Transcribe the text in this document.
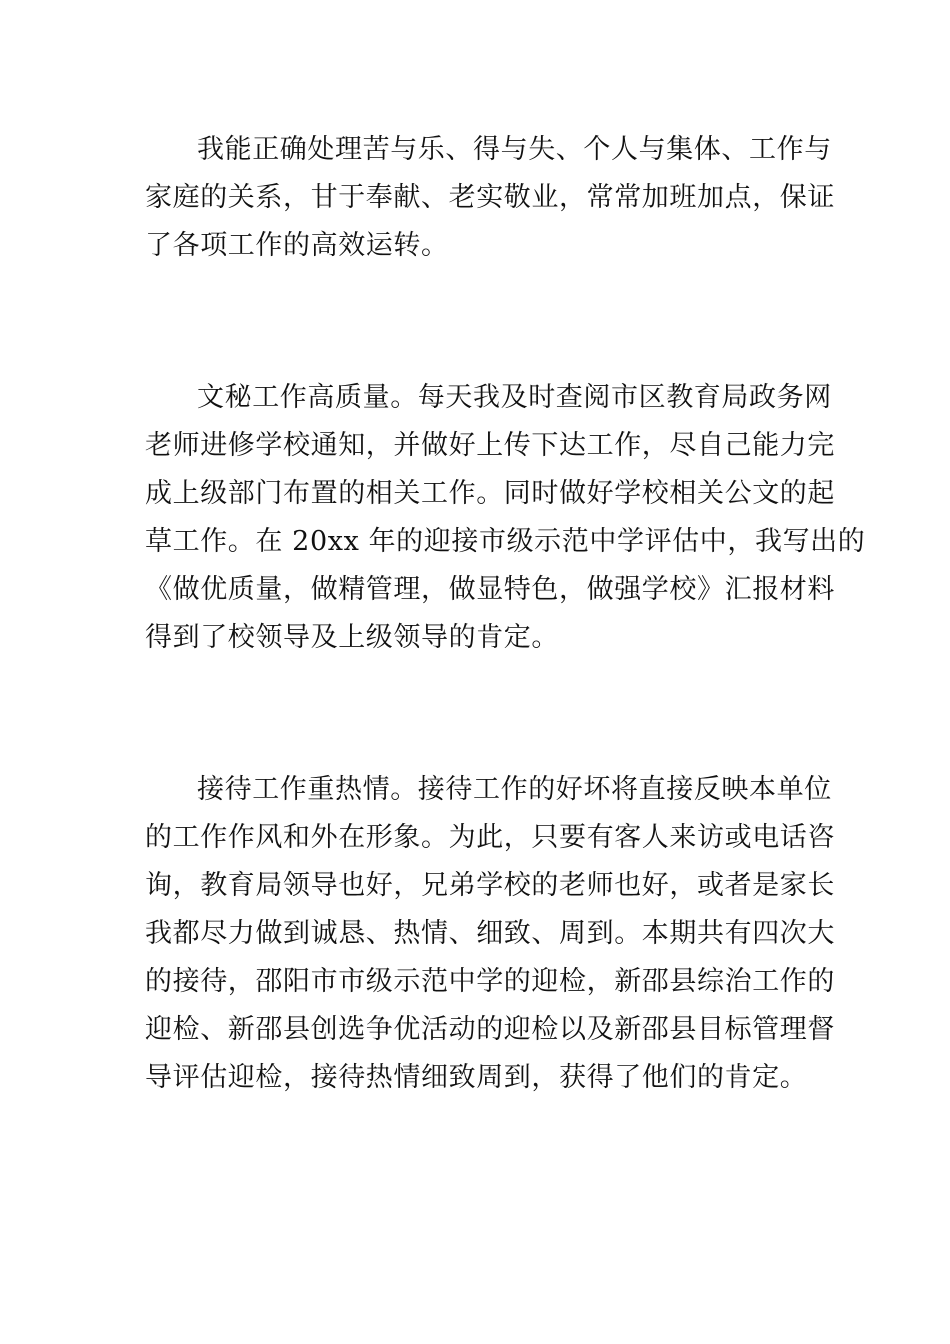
我能正确处理苦与乐、得与失、个人与集体、工作与
家庭的关系，甘于奉献、老实敬业，常常加班加点，保证
了各项工作的高效运转。
文秘工作高质量。每天我及时查阅市区教育局政务网
老师进修学校通知，并做好上传下达工作，尽自己能力完
成上级部门布置的相关工作。同时做好学校相关公文的起
草工作。在 20xx 年的迎接市级示范中学评估中，我写出的
《做优质量，做精管理，做显特色，做强学校》汇报材料
得到了校领导及上级领导的肯定。
接待工作重热情。接待工作的好坏将直接反映本单位
的工作作风和外在形象。为此，只要有客人来访或电话咨
询，教育局领导也好，兄弟学校的老师也好，或者是家长
我都尽力做到诚恳、热情、细致、周到。本期共有四次大
的接待，邵阳市市级示范中学的迎检，新邵县综治工作的
迎检、新邵县创选争优活动的迎检以及新邵县目标管理督
导评估迎检，接待热情细致周到，获得了他们的肯定。
